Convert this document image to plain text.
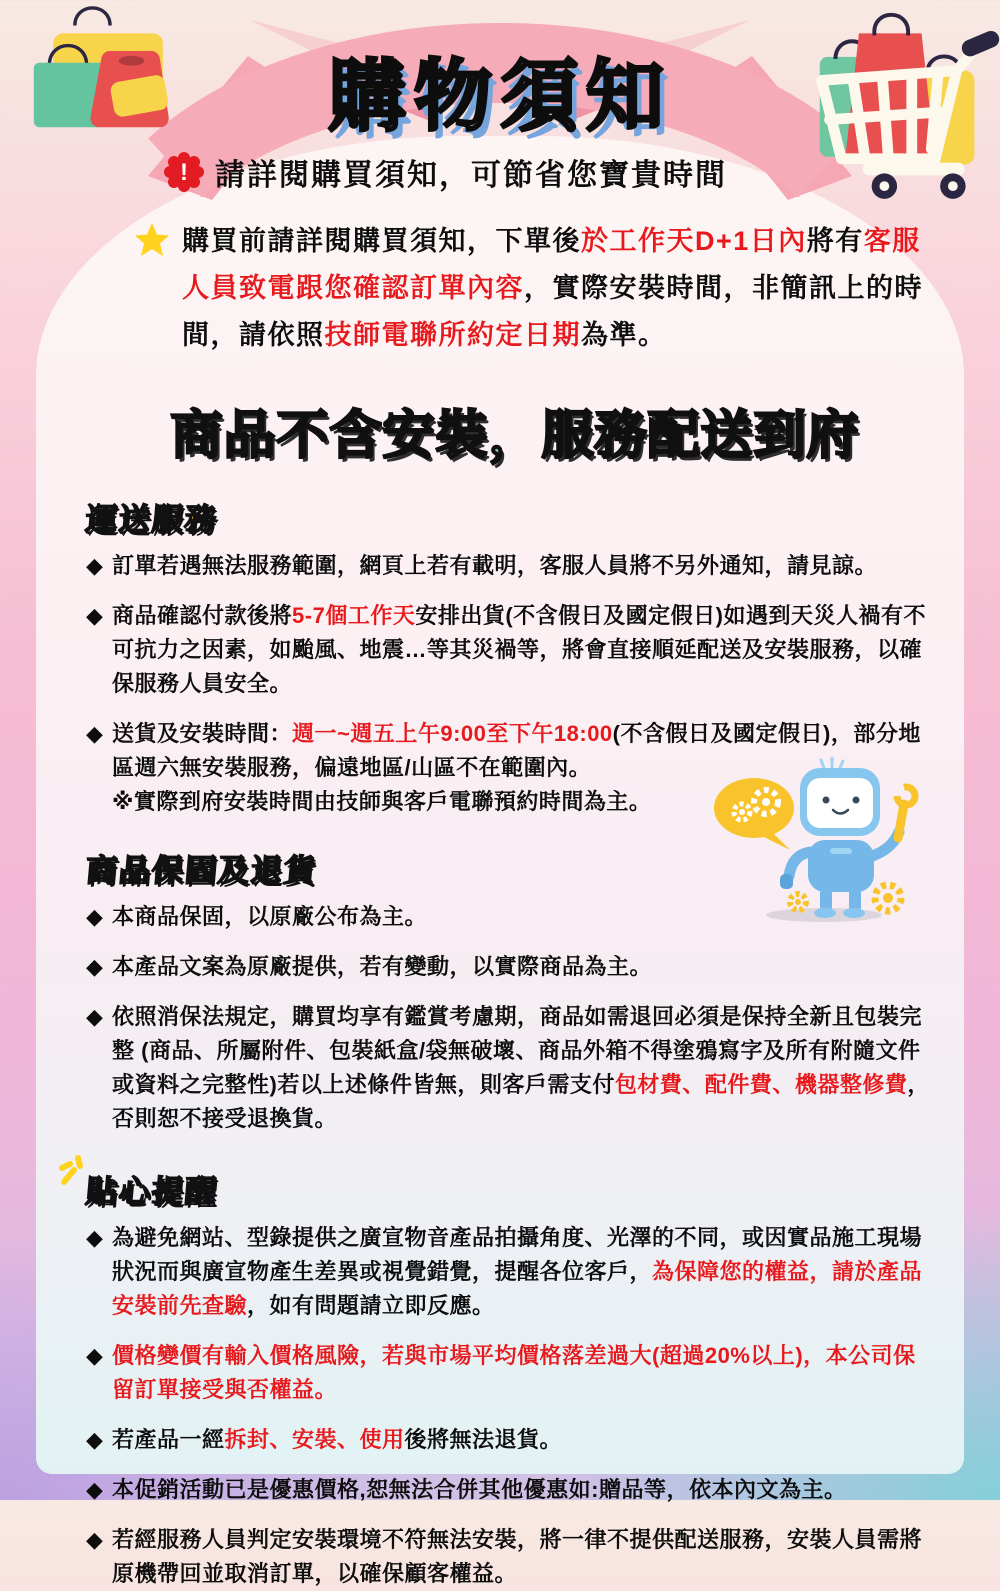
購物須知
! 請詳閱購買須知，可節省您寶貴時間
購買前請詳閱購買須知，下單後於工作天D+1日內將有客服
人員致電跟您確認訂單內容，實際安裝時間，非簡訊上的時
間，請依照技師電聯所約定日期為準。
商品不含安裝，服務配送到府
運送服務
◆ 訂單若遇無法服務範圍，網頁上若有載明，客服人員將不另外通知，請見諒。
◆ 商品確認付款後將5-7個工作天安排出貨(不含假日及國定假日)如遇到天災人禍有不可抗力之因素，如颱風、地震…等其災禍等，將會直接順延配送及安裝服務，以確保服務人員安全。
◆ 送貨及安裝時間：週一~週五上午9:00至下午18:00(不含假日及國定假日)，部分地區週六無安裝服務，偏遠地區/山區不在範圍內。
※實際到府安裝時間由技師與客戶電聯預約時間為主。
商品保固及退貨
◆ 本商品保固，以原廠公布為主。
◆ 本產品文案為原廠提供，若有變動，以實際商品為主。
◆ 依照消保法規定，購買均享有鑑賞考慮期，商品如需退回必須是保持全新且包裝完整 (商品、所屬附件、包裝紙盒/袋無破壞、商品外箱不得塗鴉寫字及所有附隨文件或資料之完整性)若以上述條件皆無，則客戶需支付包材費、配件費、機器整修費，否則恕不接受退換貨。
貼心提醒
◆ 為避免網站、型錄提供之廣宣物音產品拍攝角度、光澤的不同，或因實品施工現場狀況而與廣宣物產生差異或視覺錯覺，提醒各位客戶，為保障您的權益，請於產品安裝前先查驗，如有問題請立即反應。
◆ 價格變價有輸入價格風險，若與市場平均價格落差過大(超過20%以上)，本公司保留訂單接受與否權益。
◆ 若產品一經拆封、安裝、使用後將無法退貨。
◆ 本促銷活動已是優惠價格,恕無法合併其他優惠如:贈品等，依本內文為主。
◆ 若經服務人員判定安裝環境不符無法安裝，將一律不提供配送服務，安裝人員需將原機帶回並取消訂單，以確保顧客權益。
